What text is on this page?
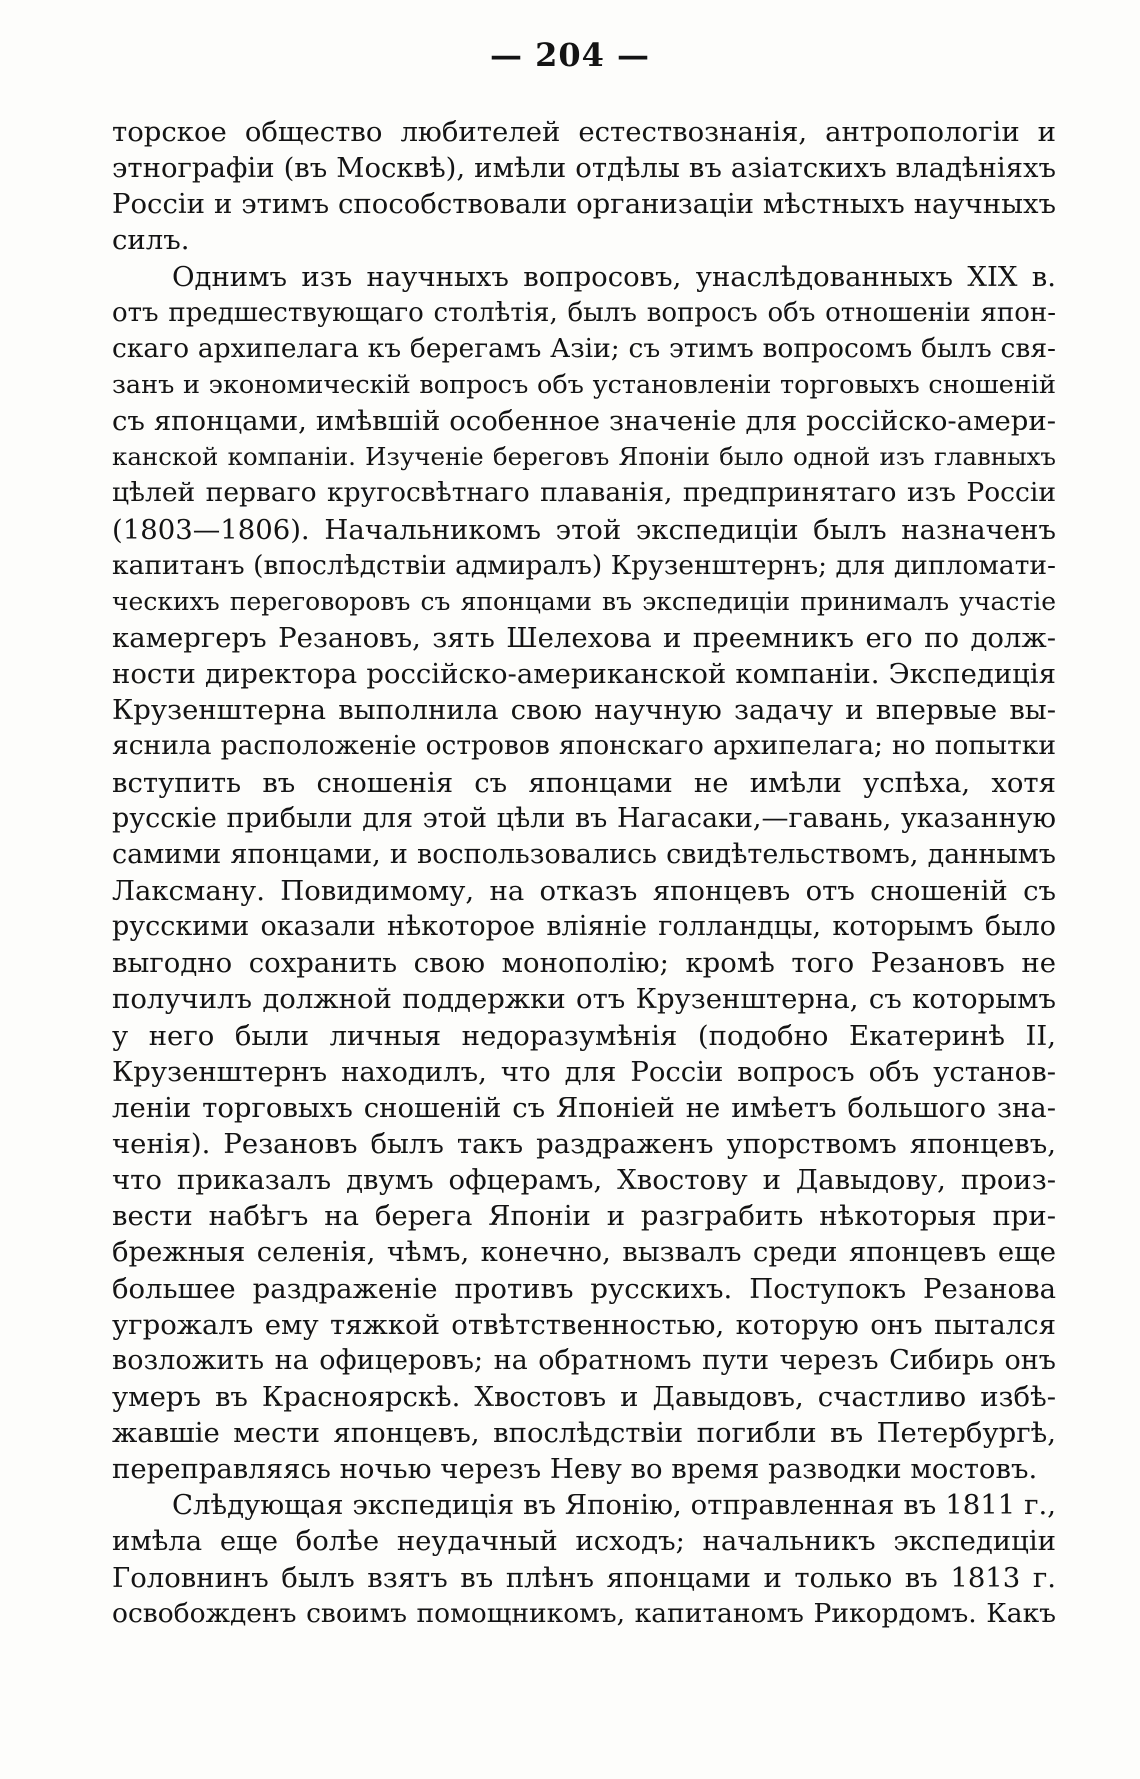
— 204 —
торское общество любителей естествознанія, антропологіи и
этнографіи (въ Москвѣ), имѣли отдѣлы въ азіатскихъ владѣніяхъ
Россіи и этимъ способствовали организаціи мѣстныхъ научныхъ
силъ.
Однимъ изъ научныхъ вопросовъ, унаслѣдованныхъ XIX в.
отъ предшествующаго столѣтія, былъ вопросъ объ отношеніи япон-
скаго архипелага къ берегамъ Азіи; съ этимъ вопросомъ былъ свя-
занъ и экономическій вопросъ объ установленіи торговыхъ сношеній
съ японцами, имѣвшій особенное значеніе для россійско-амери-
канской компаніи. Изученіе береговъ Японіи было одной изъ главныхъ
цѣлей перваго кругосвѣтнаго плаванія, предпринятаго изъ Россіи
(1803—1806). Начальникомъ этой экспедиціи былъ назначенъ
капитанъ (впослѣдствіи адмиралъ) Крузенштернъ; для дипломати-
ческихъ переговоровъ съ японцами въ экспедиціи принималъ участіе
камергеръ Резановъ, зять Шелехова и преемникъ его по долж-
ности директора россійско-американской компаніи. Экспедиція
Крузенштерна выполнила свою научную задачу и впервые вы-
яснила расположеніе островов японскаго архипелага; но попытки
вступить въ сношенія съ японцами не имѣли успѣха, хотя
русскіе прибыли для этой цѣли въ Нагасаки,—гавань, указанную
самими японцами, и воспользовались свидѣтельствомъ, даннымъ
Лаксману. Повидимому, на отказъ японцевъ отъ сношеній съ
русскими оказали нѣкоторое вліяніе голландцы, которымъ было
выгодно сохранить свою монополію; кромѣ того Резановъ не
получилъ должной поддержки отъ Крузенштерна, съ которымъ
у него были личныя недоразумѣнія (подобно Екатеринѣ II,
Крузенштернъ находилъ, что для Россіи вопросъ объ установ-
леніи торговыхъ сношеній съ Японіей не имѣетъ большого зна-
ченія). Резановъ былъ такъ раздраженъ упорствомъ японцевъ,
что приказалъ двумъ офцерамъ, Хвостову и Давыдову, произ-
вести набѣгъ на берега Японіи и разграбить нѣкоторыя при-
брежныя селенія, чѣмъ, конечно, вызвалъ среди японцевъ еще
большее раздраженіе противъ русскихъ. Поступокъ Резанова
угрожалъ ему тяжкой отвѣтственностью, которую онъ пытался
возложить на офицеровъ; на обратномъ пути черезъ Сибирь онъ
умеръ въ Красноярскѣ. Хвостовъ и Давыдовъ, счастливо избѣ-
жавшіе мести японцевъ, впослѣдствіи погибли въ Петербургѣ,
переправляясь ночью черезъ Неву во время разводки мостовъ.
Слѣдующая экспедиція въ Японію, отправленная въ 1811 г.,
имѣла еще болѣе неудачный исходъ; начальникъ экспедиціи
Головнинъ былъ взятъ въ плѣнъ японцами и только въ 1813 г.
освобожденъ своимъ помощникомъ, капитаномъ Рикордомъ. Какъ
